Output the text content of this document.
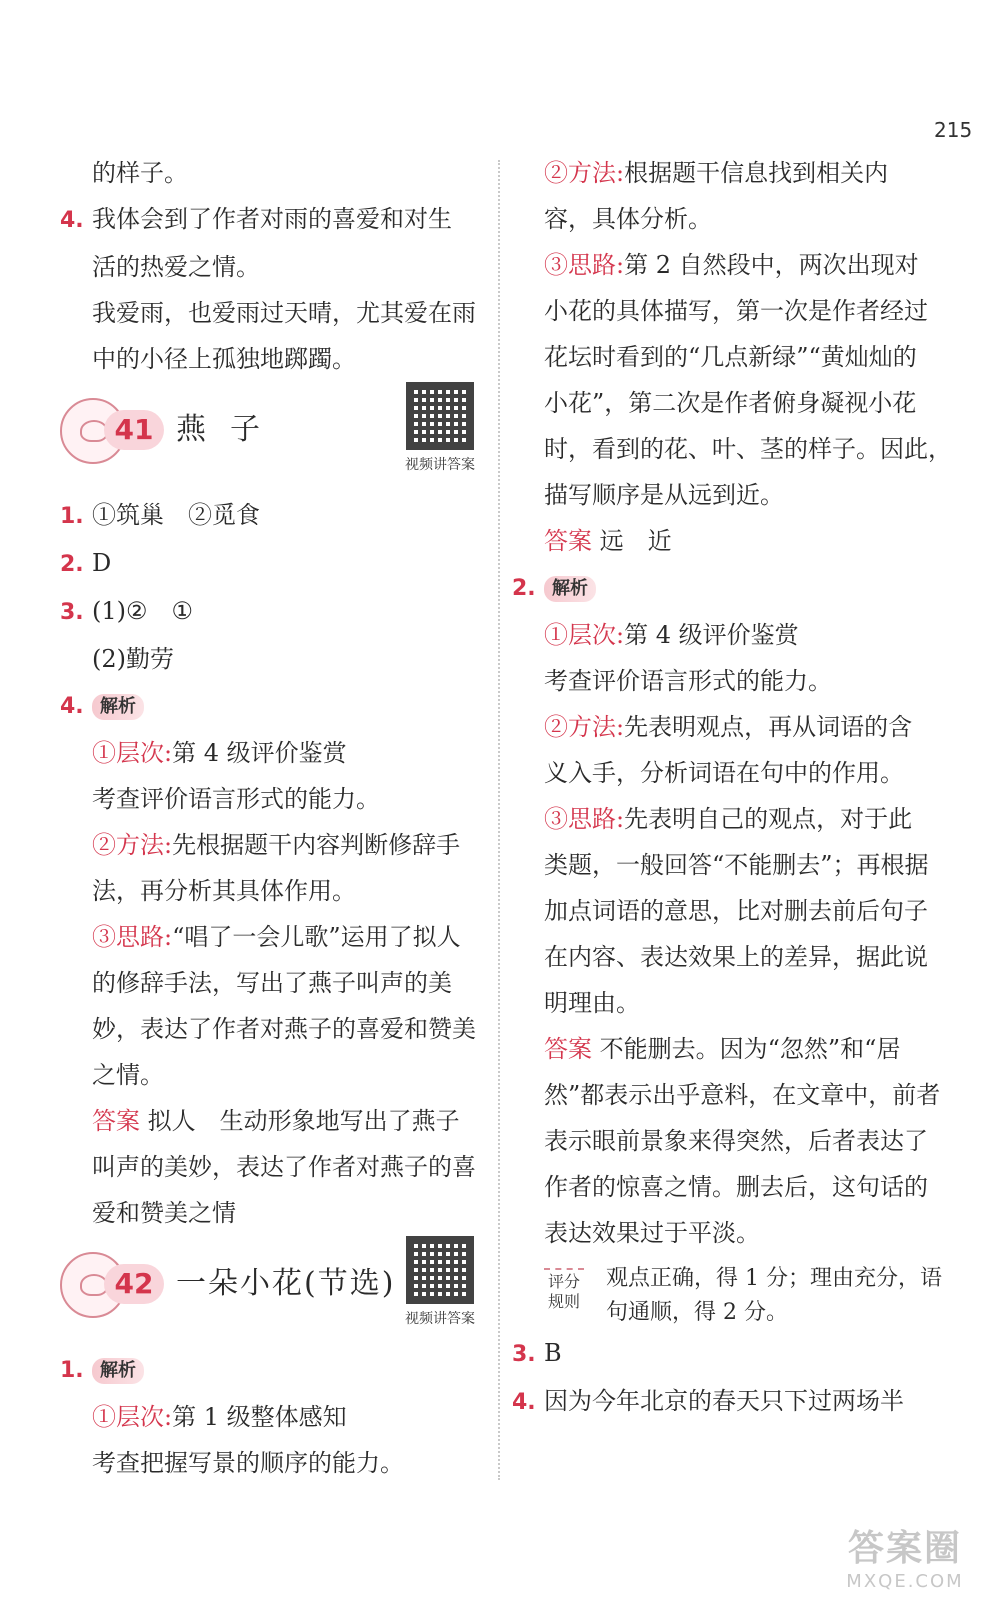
215
的样子。
4. 我体会到了作者对雨的喜爱和对生
活的热爱之情。
我爱雨，也爱雨过天晴，尤其爱在雨
中的小径上孤独地踯躅。
41 燕子
视频讲答案
1. ①筑巢　②觅食
2. D
3. (1)②　①
(2)勤劳
4. 解析
①层次:第 4 级评价鉴赏
考查评价语言形式的能力。
②方法:先根据题干内容判断修辞手
法，再分析其具体作用。
③思路:“唱了一会儿歌”运用了拟人
的修辞手法，写出了燕子叫声的美
妙，表达了作者对燕子的喜爱和赞美
之情。
答案 拟人　生动形象地写出了燕子
叫声的美妙，表达了作者对燕子的喜
爱和赞美之情
42 一朵小花(节选)
视频讲答案
1. 解析
①层次:第 1 级整体感知
考查把握写景的顺序的能力。
②方法:根据题干信息找到相关内
容，具体分析。
③思路:第 2 自然段中，两次出现对
小花的具体描写，第一次是作者经过
花坛时看到的“几点新绿”“黄灿灿的
小花”，第二次是作者俯身凝视小花
时，看到的花、叶、茎的样子。因此，
描写顺序是从远到近。
答案 远　近
2. 解析
①层次:第 4 级评价鉴赏
考查评价语言形式的能力。
②方法:先表明观点，再从词语的含
义入手，分析词语在句中的作用。
③思路:先表明自己的观点，对于此
类题，一般回答“不能删去”；再根据
加点词语的意思，比对删去前后句子
在内容、表达效果上的差异，据此说
明理由。
答案 不能删去。因为“忽然”和“居
然”都表示出乎意料，在文章中，前者
表示眼前景象来得突然，后者表达了
作者的惊喜之情。删去后，这句话的
表达效果过于平淡。
评分规则
观点正确，得 1 分；理由充分，语
句通顺，得 2 分。
3. B
4. 因为今年北京的春天只下过两场半
答案圈
MXQE.COM
